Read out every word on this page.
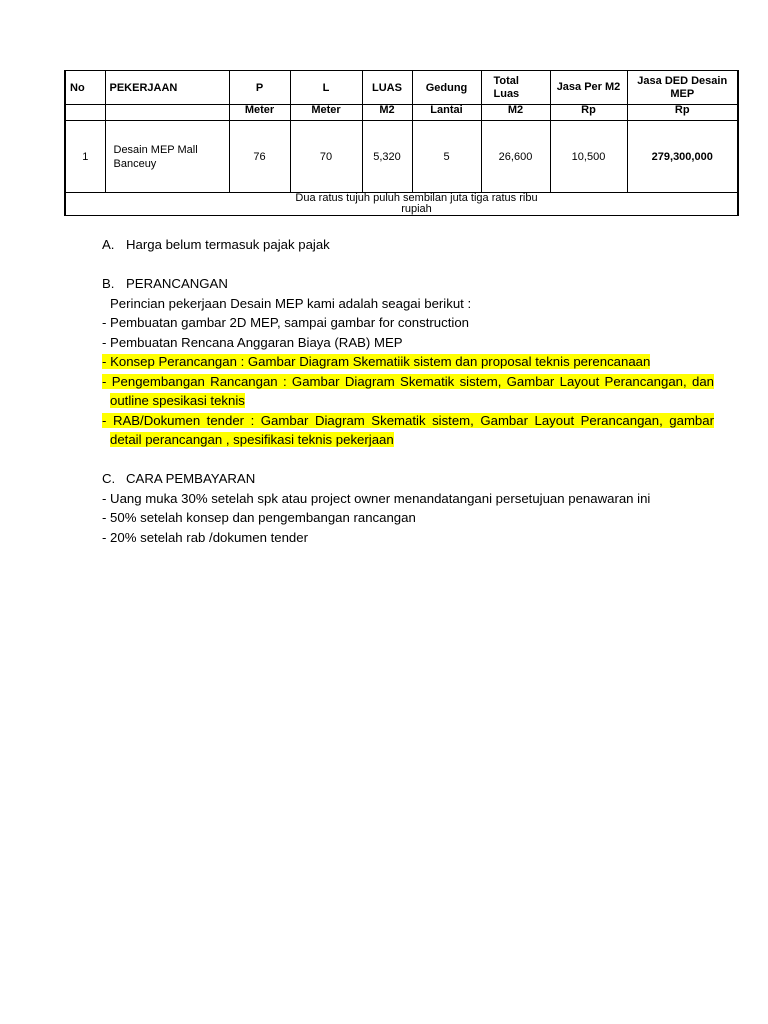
No	PEKERJAAN	P	L	LUAS	Gedung	Total Luas	Jasa Per M2	Jasa DED Desain MEP
		Meter	Meter	M2	Lantai	M2	Rp	Rp
1	Desain MEP Mall Banceuy	76	70	5,320	5	26,600	10,500	279,300,000

Dua ratus tujuh puluh sembilan juta tiga ratus ribu rupiah								

A. Harga belum termasuk pajak pajak

B. PERANCANGAN

Perincian pekerjaan Desain MEP kami adalah seagai berikut :

- Pembuatan gambar 2D MEP, sampai gambar for construction

- Pembuatan Rencana Anggaran Biaya (RAB) MEP

- Konsep Perancangan : Gambar Diagram Skematiik sistem dan proposal teknis perencanaan

- Pengembangan Rancangan : Gambar Diagram Skematik sistem, Gambar Layout Perancangan, dan outline spesikasi teknis

- RAB/Dokumen tender : Gambar Diagram Skematik sistem, Gambar Layout Perancangan, gambar detail perancangan , spesifikasi teknis pekerjaan

C. CARA PEMBAYARAN

- Uang muka 30% setelah spk atau project owner menandatangani persetujuan penawaran ini

- 50% setelah konsep dan pengembangan rancangan

- 20% setelah rab /dokumen tender
